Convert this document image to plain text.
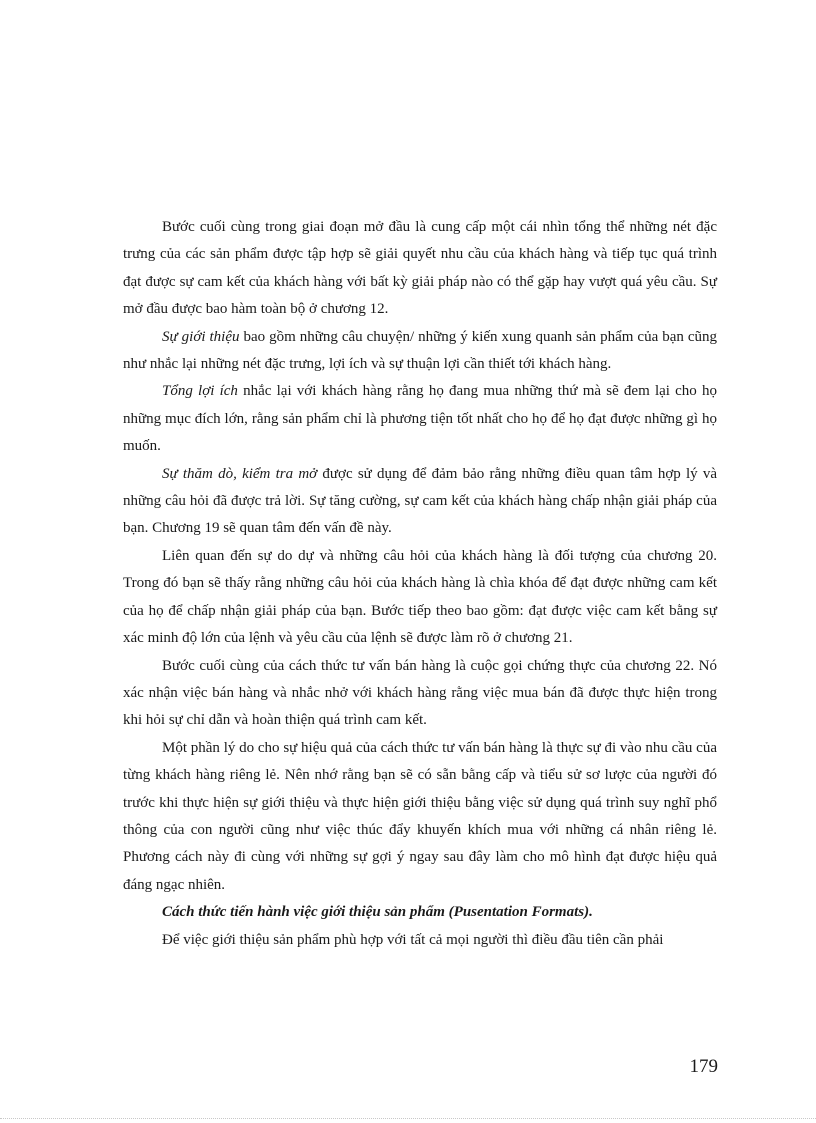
Bước cuối cùng trong giai đoạn mở đầu là cung cấp một cái nhìn tổng thể những nét đặc trưng của các sản phẩm được tập hợp sẽ giải quyết nhu cầu của khách hàng và tiếp tục quá trình đạt được sự cam kết của khách hàng với bất kỳ giải pháp nào có thể gặp hay vượt quá yêu cầu. Sự mở đầu được bao hàm toàn bộ ở chương 12.

Sự giới thiệu bao gồm những câu chuyện/ những ý kiến xung quanh sản phẩm của bạn cũng như nhắc lại những nét đặc trưng, lợi ích và sự thuận lợi cần thiết tới khách hàng.

Tổng lợi ích nhắc lại với khách hàng rằng họ đang mua những thứ mà sẽ đem lại cho họ những mục đích lớn, rằng sản phẩm chỉ là phương tiện tốt nhất cho họ để họ đạt được những gì họ muốn.

Sự thăm dò, kiểm tra mở được sử dụng để đảm bảo rằng những điều quan tâm hợp lý và những câu hỏi đã được trả lời. Sự tăng cường, sự cam kết của khách hàng chấp nhận giải pháp của bạn. Chương 19 sẽ quan tâm đến vấn đề này.

Liên quan đến sự do dự và những câu hỏi của khách hàng là đối tượng của chương 20. Trong đó bạn sẽ thấy rằng những câu hỏi của khách hàng là chìa khóa để đạt được những cam kết của họ để chấp nhận giải pháp của bạn. Bước tiếp theo bao gồm: đạt được việc cam kết bằng sự xác minh độ lớn của lệnh và yêu cầu của lệnh sẽ được làm rõ ở chương 21.

Bước cuối cùng của cách thức tư vấn bán hàng là cuộc gọi chứng thực của chương 22. Nó xác nhận việc bán hàng và nhắc nhở với khách hàng rằng việc mua bán đã được thực hiện trong khi hỏi sự chỉ dẫn và hoàn thiện quá trình cam kết.

Một phần lý do cho sự hiệu quả của cách thức tư vấn bán hàng là thực sự đi vào nhu cầu của từng khách hàng riêng lẻ. Nên nhớ rằng bạn sẽ có sẵn bằng cấp và tiểu sử sơ lược của người đó trước khi thực hiện sự giới thiệu và thực hiện giới thiệu bằng việc sử dụng quá trình suy nghĩ phổ thông của con người cũng như việc thúc đẩy khuyến khích mua với những cá nhân riêng lẻ. Phương cách này đi cùng với những sự gợi ý ngay sau đây làm cho mô hình đạt được hiệu quả đáng ngạc nhiên.

Cách thức tiến hành việc giới thiệu sản phẩm (Pusentation Formats).

Để việc giới thiệu sản phẩm phù hợp với tất cả mọi người thì điều đầu tiên cần phải

179
